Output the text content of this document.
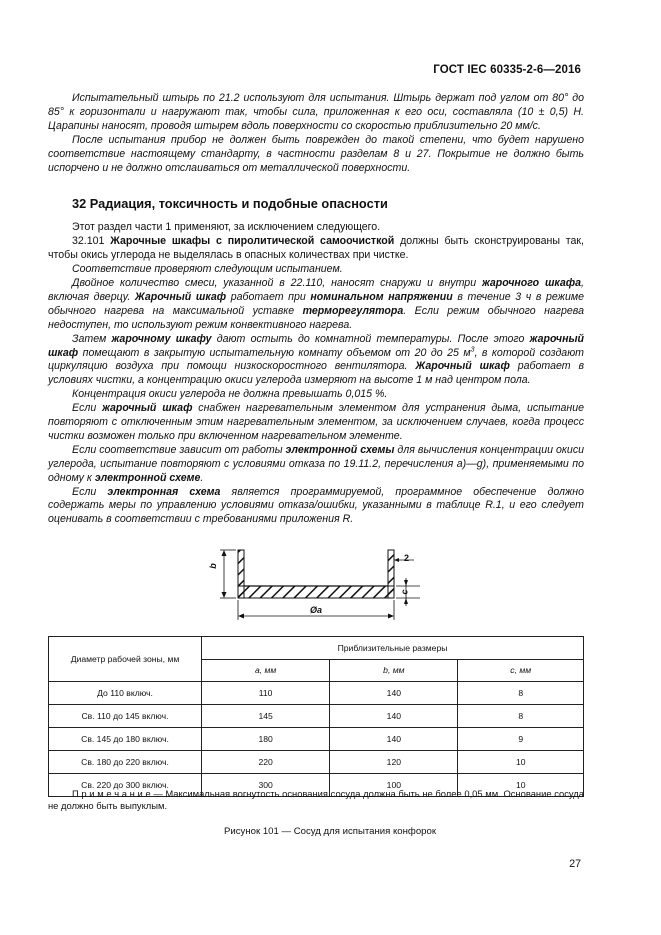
ГОСТ IEC 60335-2-6—2016

Испытательный штырь по 21.2 используют для испытания. Штырь держат под углом от 80° до 85° к горизонтали и нагружают так, чтобы сила, приложенная к его оси, составляла (10 ± 0,5) Н. Царапины наносят, проводя штырем вдоль поверхности со скоростью приблизительно 20 мм/с.

После испытания прибор не должен быть поврежден до такой степени, что будет нарушено соответствие настоящему стандарту, в частности разделам 8 и 27. Покрытие не должно быть испорчено и не должно отслаиваться от металлической поверхности.

32 Радиация, токсичность и подобные опасности

Этот раздел части 1 применяют, за исключением следующего.

32.101 Жарочные шкафы с пиролитической самоочисткой должны быть сконструированы так, чтобы окись углерода не выделялась в опасных количествах при чистке.

Соответствие проверяют следующим испытанием.

Двойное количество смеси, указанной в 22.110, наносят снаружи и внутри жарочного шкафа, включая дверцу. Жарочный шкаф работает при номинальном напряжении в течение 3 ч в режиме обычного нагрева на максимальной уставке терморегулятора. Если режим обычного нагрева недоступен, то используют режим конвективного нагрева.

Затем жарочному шкафу дают остыть до комнатной температуры. После этого жарочный шкаф помещают в закрытую испытательную комнату объемом от 20 до 25 $м^3$, в которой создают циркуляцию воздуха при помощи низкоскоростного вентилятора. Жарочный шкаф работает в условиях чистки, а концентрацию окиси углерода измеряют на высоте 1 м над центром пола.

Концентрация окиси углерода не должна превышать 0,015 %.

Если жарочный шкаф снабжен нагревательным элементом для устранения дыма, испытание повторяют с отключенным этим нагревательным элементом, за исключением случаев, когда процесс чистки возможен только при включенном нагревательном элементе.

Если соответствие зависит от работы электронной схемы для вычисления концентрации окиси углерода, испытание повторяют с условиями отказа по 19.11.2, перечисления a)—g), применяемыми по одному к электронной схеме.

Если электронная схема является программируемой, программное обеспечение должно содержать меры по управлению условиями отказа/ошибки, указанными в таблице R.1, и его следует оценивать в соответствии с требованиями приложения R.

b
2
c
Øa
Диаметр рабочей зоны, мм	Приблизительные размеры		
	a, мм	b, мм	c, мм
До 110 включ.	110	140	8
Св. 110 до 145 включ.	145	140	8
Св. 145 до 180 включ.	180	140	9
Св. 180 до 220 включ.	220	120	10
Св. 220 до 300 включ.	300	100	10
П р и м е ч а н и е — Максимальная вогнутость основания сосуда должна быть не более 0,05 мм. Основание сосуда не должно быть выпуклым.
Рисунок 101 — Сосуд для испытания конфорок
27
